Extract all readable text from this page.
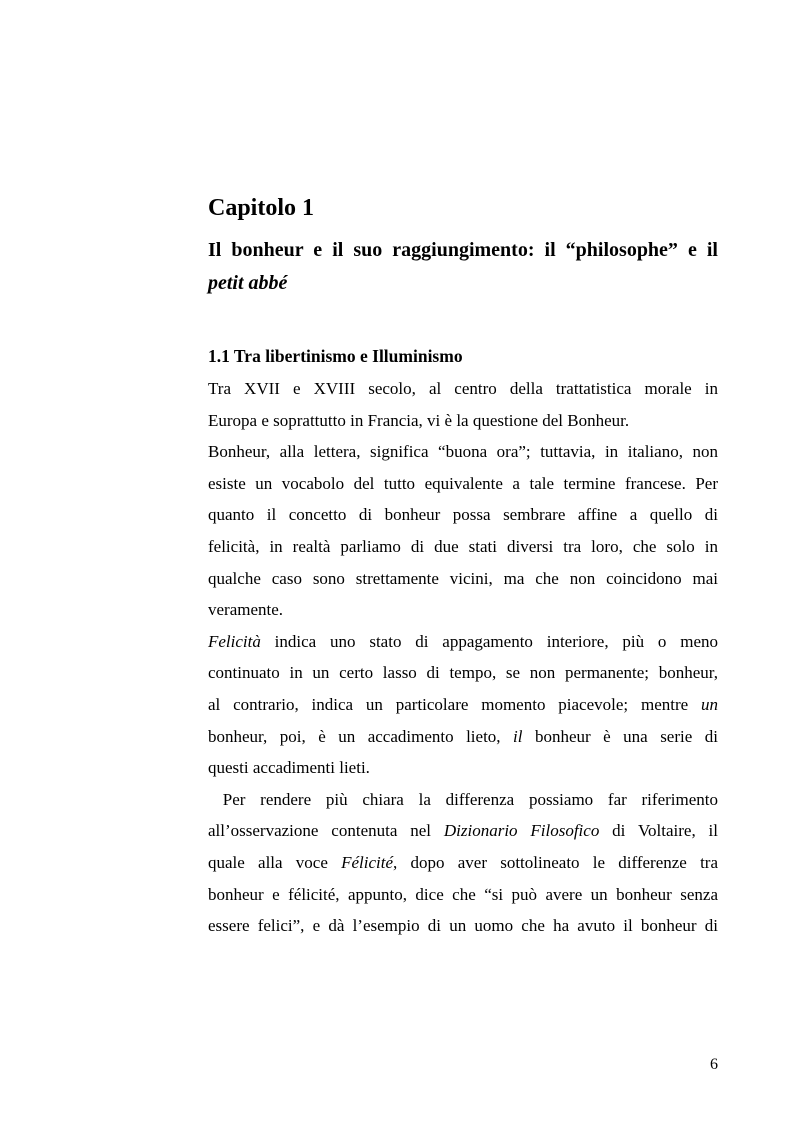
Capitolo 1
Il bonheur e il suo raggiungimento: il “philosophe” e il
petit abbé
1.1 Tra libertinismo e Illuminismo

Tra XVII e XVIII secolo, al centro della trattatistica morale in
Europa e soprattutto in Francia, vi è la questione del Bonheur.

Bonheur, alla lettera, significa “buona ora”; tuttavia, in italiano, non
esiste un vocabolo del tutto equivalente a tale termine francese. Per
quanto il concetto di bonheur possa sembrare affine a quello di
felicità, in realtà parliamo di due stati diversi tra loro, che solo in
qualche caso sono strettamente vicini, ma che non coincidono mai
veramente.

Felicità indica uno stato di appagamento interiore, più o meno
continuato in un certo lasso di tempo, se non permanente; bonheur,
al contrario, indica un particolare momento piacevole; mentre un
bonheur, poi, è un accadimento lieto, il bonheur è una serie di
questi accadimenti lieti.

Per rendere più chiara la differenza possiamo far riferimento
all’osservazione contenuta nel Dizionario Filosofico di Voltaire, il
quale alla voce Félicité, dopo aver sottolineato le differenze tra
bonheur e félicité, appunto, dice che “si può avere un bonheur senza
essere felici”, e dà l’esempio di un uomo che ha avuto il bonheur di

6
